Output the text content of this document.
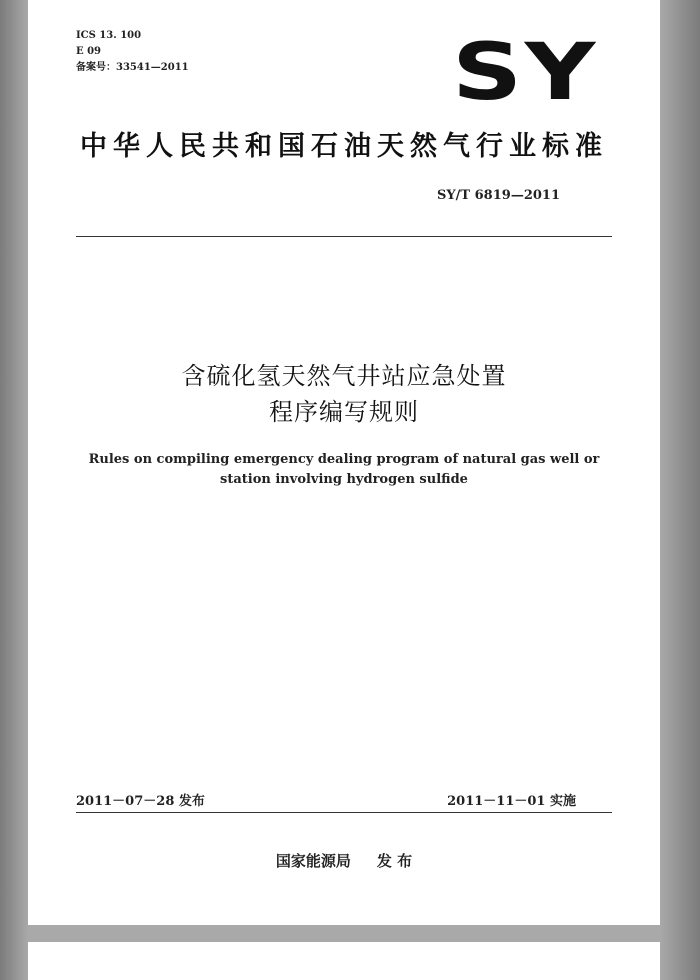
ICS 13. 100
E 09
备案号：33541—2011	SY
中华人民共和国石油天然气行业标准
SY/T 6819—2011
含硫化氢天然气井站应急处置
程序编写规则
Rules on compiling emergency dealing program of natural gas well or
station involving hydrogen sulfide
2011－07－28 发布	2011－11－01 实施
国家能源局 发 布
